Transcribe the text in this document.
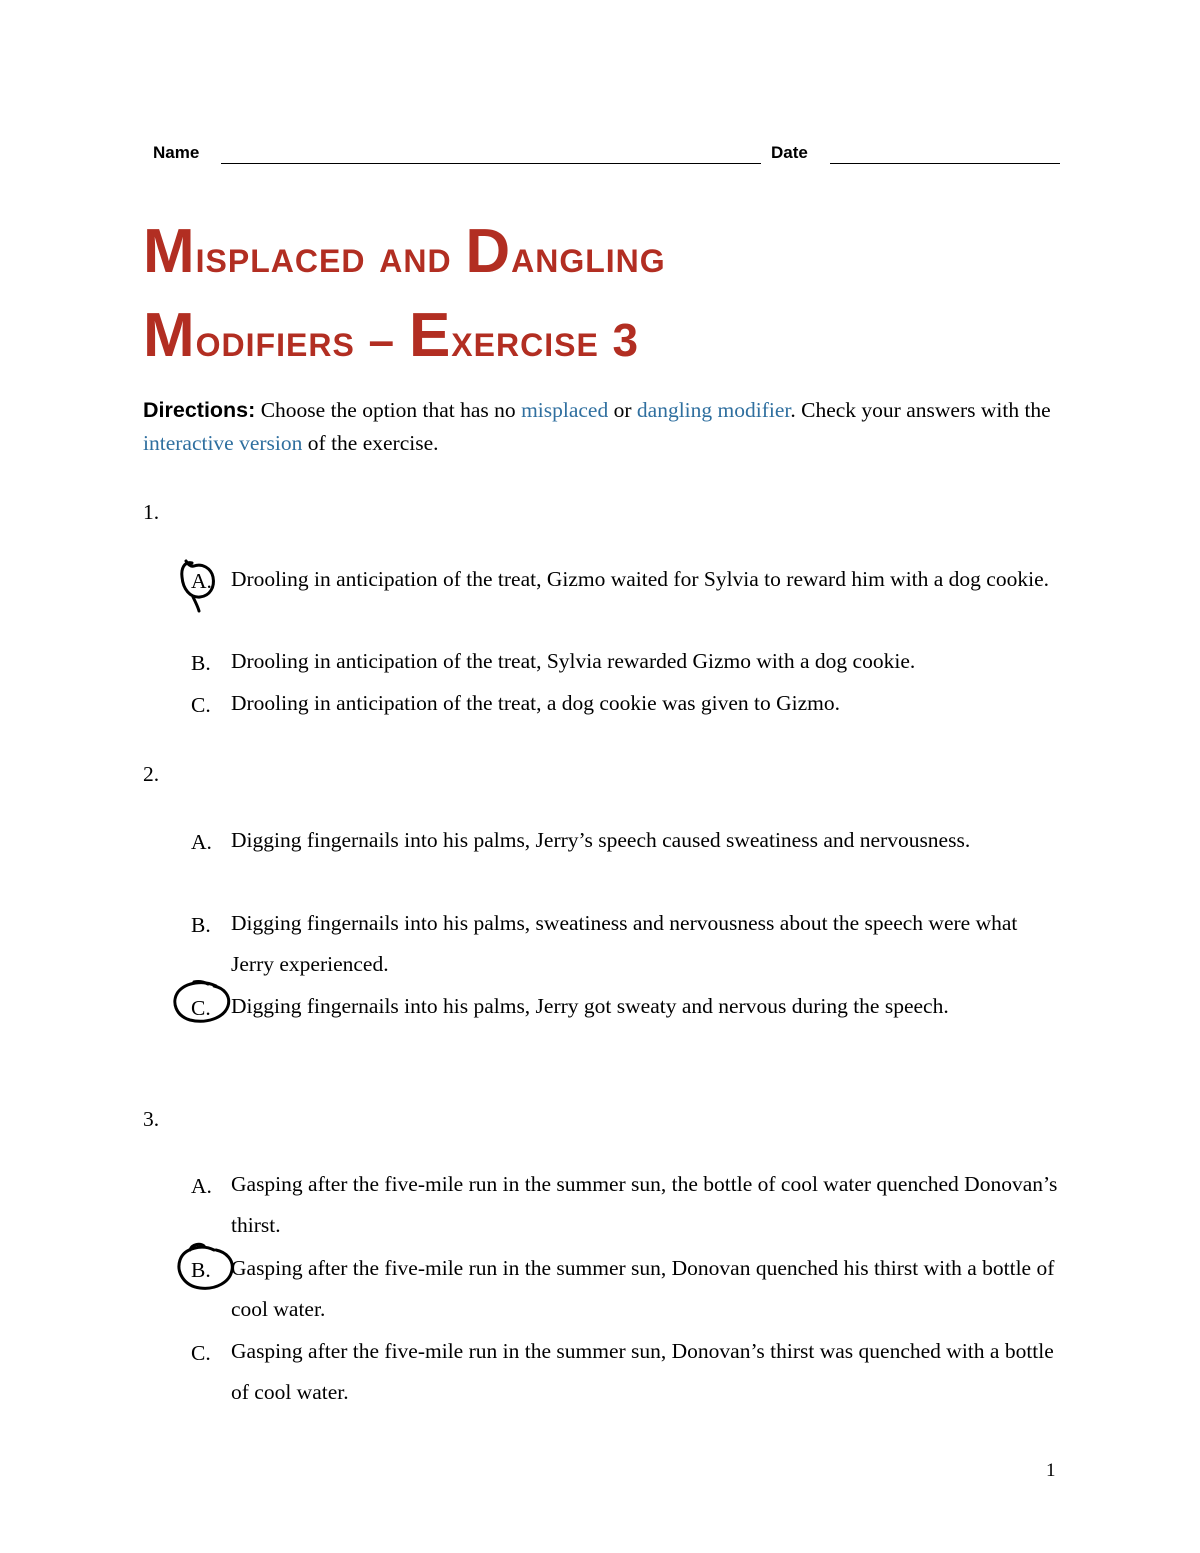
Name	Date
Misplaced and Dangling
Modifiers – Exercise 3

Directions: Choose the option that has no misplaced or dangling modifier. Check your answers with the interactive version of the exercise.

1.
A. Drooling in anticipation of the treat, Gizmo waited for Sylvia to reward him with a dog cookie.

B. Drooling in anticipation of the treat, Sylvia rewarded Gizmo with a dog cookie.

C. Drooling in anticipation of the treat, a dog cookie was given to Gizmo.

2.
A. Digging fingernails into his palms, Jerry’s speech caused sweatiness and nervousness.

B. Digging fingernails into his palms, sweatiness and nervousness about the speech were what Jerry experienced.

C. Digging fingernails into his palms, Jerry got sweaty and nervous during the speech.

3.
A. Gasping after the five-mile run in the summer sun, the bottle of cool water quenched Donovan’s thirst.

B. Gasping after the five-mile run in the summer sun, Donovan quenched his thirst with a bottle of cool water.

C. Gasping after the five-mile run in the summer sun, Donovan’s thirst was quenched with a bottle of cool water.

1
